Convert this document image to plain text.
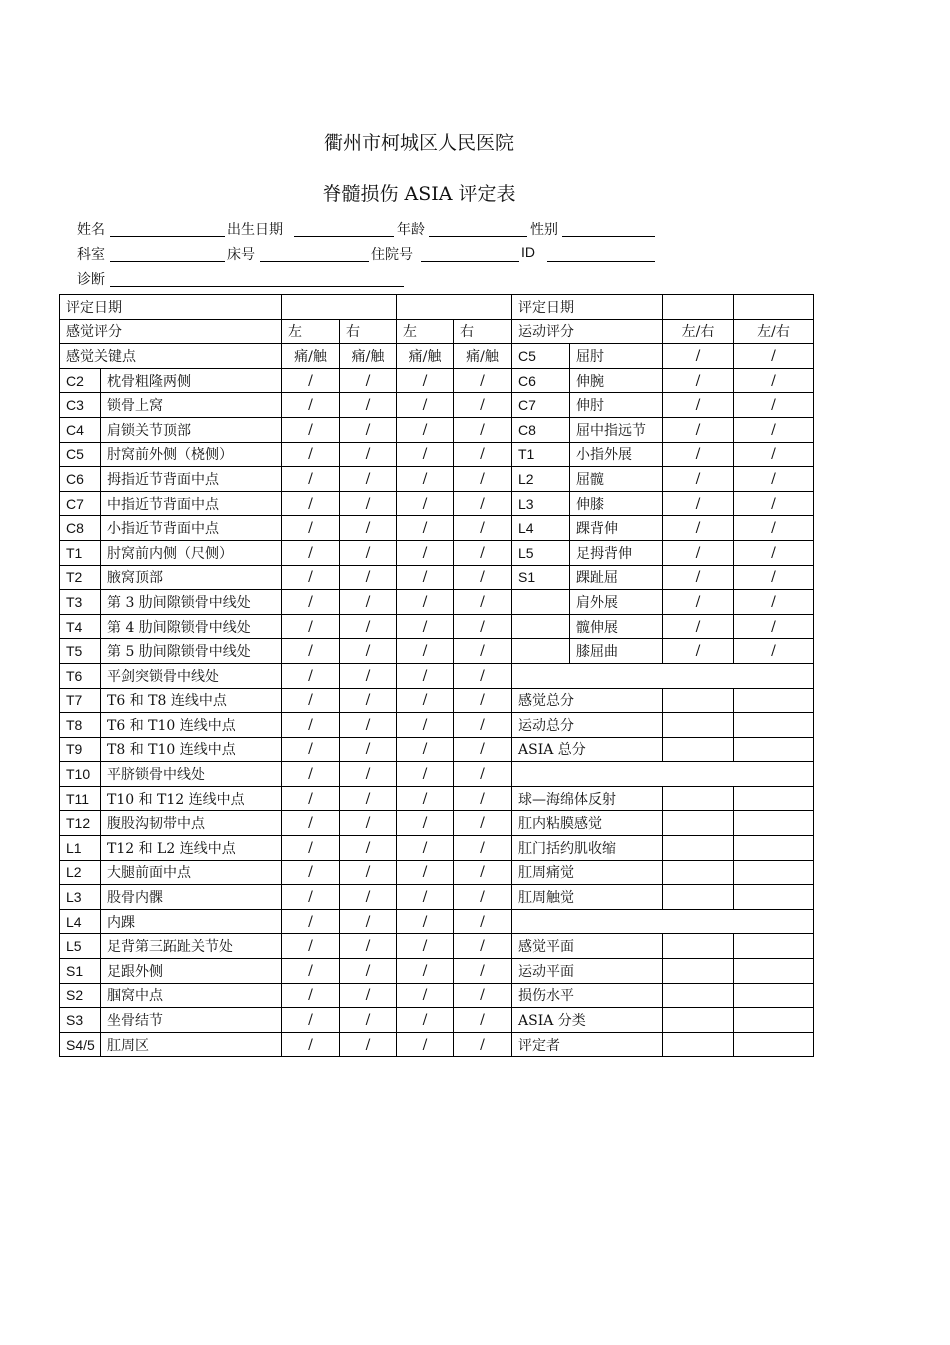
衢州市柯城区人民医院
脊髓损伤 ASIA 评定表
姓名	出生日期	年龄	性别
科室	床号	住院号	ID
诊断
评定日期						评定日期			
感觉评分		左	右	左	右	运动评分		左/右	左/右
感觉关键点		痛/触	痛/触	痛/触	痛/触	C5	屈肘	/	/
C2	枕骨粗隆两侧	/	/	/	/	C6	伸腕	/	/
C3	锁骨上窝	/	/	/	/	C7	伸肘	/	/
C4	肩锁关节顶部	/	/	/	/	C8	屈中指远节	/	/
C5	肘窝前外侧（桡侧）	/	/	/	/	T1	小指外展	/	/
C6	拇指近节背面中点	/	/	/	/	L2	屈髋	/	/
C7	中指近节背面中点	/	/	/	/	L3	伸膝	/	/
C8	小指近节背面中点	/	/	/	/	L4	踝背伸	/	/
T1	肘窝前内侧（尺侧）	/	/	/	/	L5	足拇背伸	/	/
T2	腋窝顶部	/	/	/	/	S1	踝趾屈	/	/
T3	第 3 肋间隙锁骨中线处	/	/	/	/		肩外展	/	/
T4	第 4 肋间隙锁骨中线处	/	/	/	/		髋伸展	/	/
T5	第 5 肋间隙锁骨中线处	/	/	/	/		膝屈曲	/	/
T6	平剑突锁骨中线处	/	/	/	/				
T7	T6 和 T8 连线中点	/	/	/	/	感觉总分			
T8	T6 和 T10 连线中点	/	/	/	/	运动总分			
T9	T8 和 T10 连线中点	/	/	/	/	ASIA 总分			
T10	平脐锁骨中线处	/	/	/	/				
T11	T10 和 T12 连线中点	/	/	/	/	球—海绵体反射			
T12	腹股沟韧带中点	/	/	/	/	肛内粘膜感觉			
L1	T12 和 L2 连线中点	/	/	/	/	肛门括约肌收缩			
L2	大腿前面中点	/	/	/	/	肛周痛觉			
L3	股骨内髁	/	/	/	/	肛周触觉			
L4	内踝	/	/	/	/				
L5	足背第三跖趾关节处	/	/	/	/	感觉平面			
S1	足跟外侧	/	/	/	/	运动平面			
S2	腘窝中点	/	/	/	/	损伤水平			
S3	坐骨结节	/	/	/	/	ASIA 分类			
S4/5	肛周区	/	/	/	/	评定者			
